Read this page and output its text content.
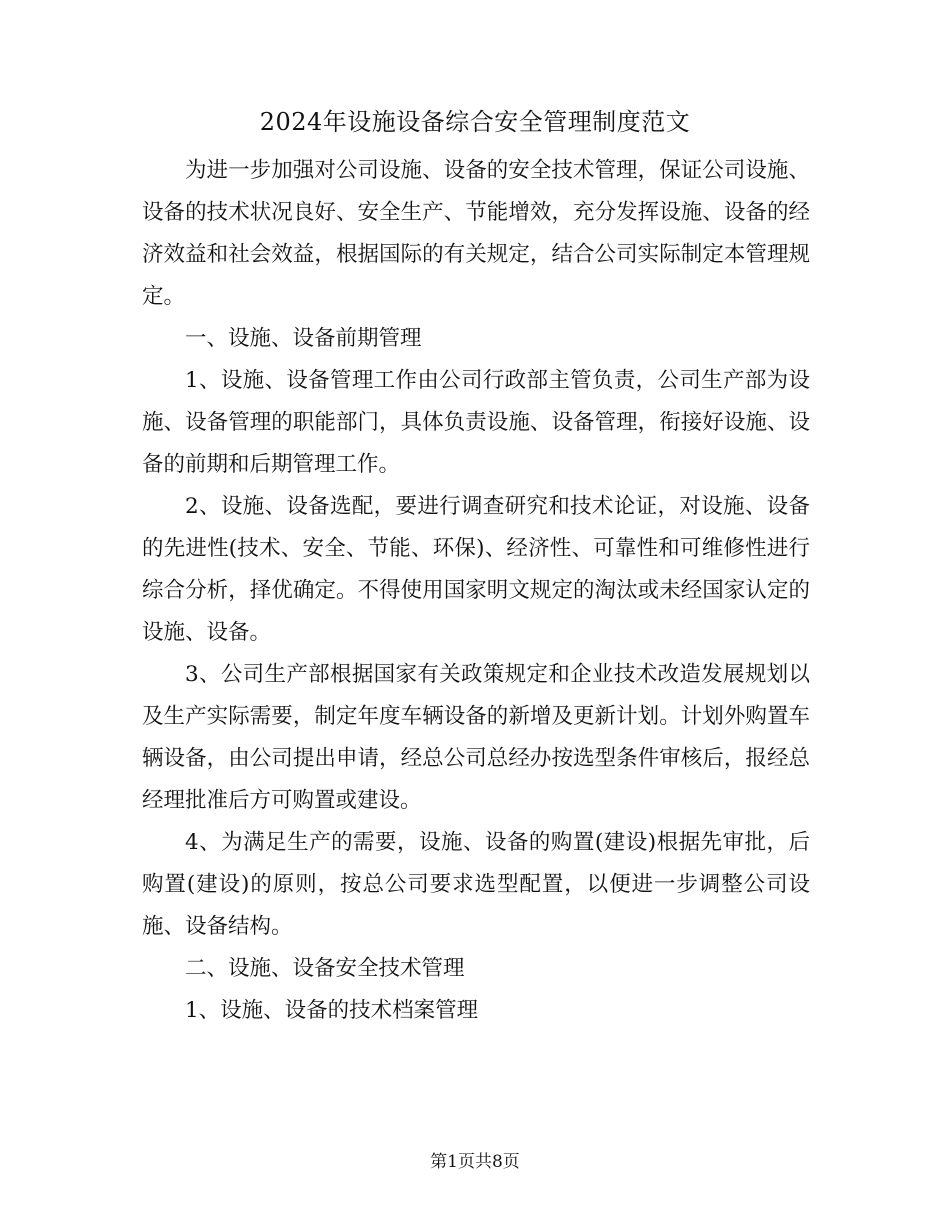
2024年设施设备综合安全管理制度范文

为进一步加强对公司设施、设备的安全技术管理，保证公司设施、设备的技术状况良好、安全生产、节能增效，充分发挥设施、设备的经济效益和社会效益，根据国际的有关规定，结合公司实际制定本管理规定。

一、设施、设备前期管理

1、设施、设备管理工作由公司行政部主管负责，公司生产部为设施、设备管理的职能部门，具体负责设施、设备管理，衔接好设施、设备的前期和后期管理工作。

2、设施、设备选配，要进行调查研究和技术论证，对设施、设备的先进性(技术、安全、节能、环保)、经济性、可靠性和可维修性进行综合分析，择优确定。不得使用国家明文规定的淘汰或未经国家认定的设施、设备。

3、公司生产部根据国家有关政策规定和企业技术改造发展规划以及生产实际需要，制定年度车辆设备的新增及更新计划。计划外购置车辆设备，由公司提出申请，经总公司总经办按选型条件审核后，报经总经理批准后方可购置或建设。

4、为满足生产的需要，设施、设备的购置(建设)根据先审批，后购置(建设)的原则，按总公司要求选型配置，以便进一步调整公司设施、设备结构。

二、设施、设备安全技术管理

1、设施、设备的技术档案管理

第1页共8页
